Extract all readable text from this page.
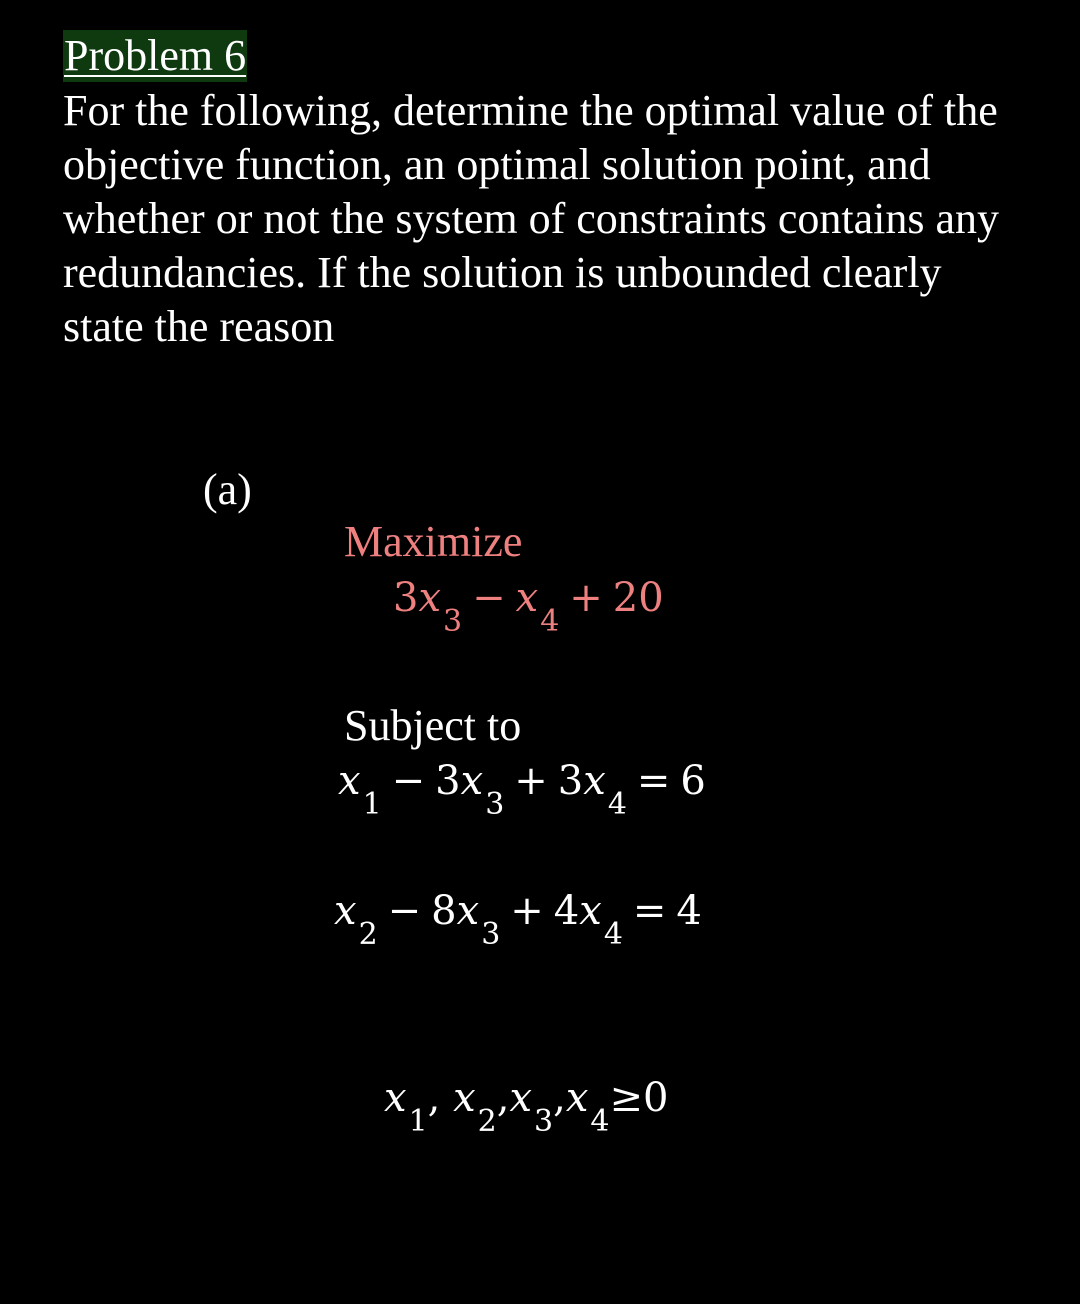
Problem 6

For the following, determine the optimal value of the objective function, an optimal solution point, and whether or not the system of constraints contains any redundancies. If the solution is unbounded clearly state the reason

(a)
Maximize
$3x_3- x_4+ 20$
Subject to
$x_1- 3x_3+ 3x_4= 6$
$x_2- 8x_3+ 4x_4= 4$
$x_1$, $x_2,x_3,x_4\ge 0$
